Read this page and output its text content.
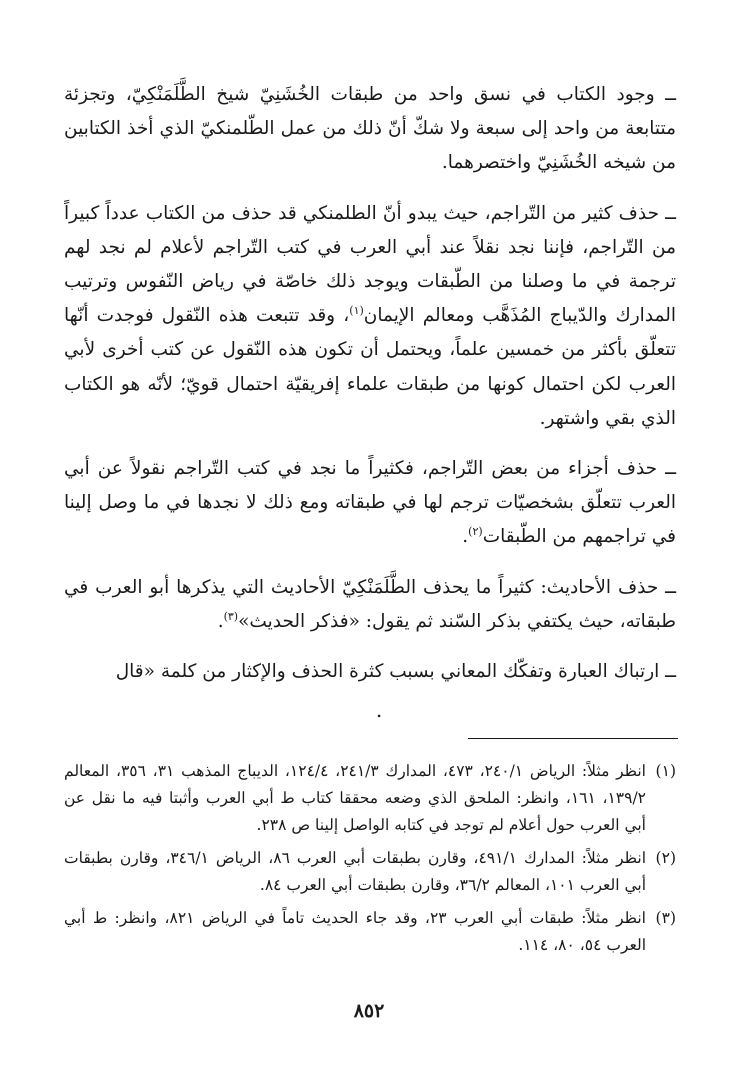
ــ وجود الكتاب في نسق واحد من طبقات الخُشَنِيّ شيخ الطَّلَمَنْكِيّ، وتجزئة متتابعة من واحد إلى سبعة ولا شكّ أنّ ذلك من عمل الطّلمنكيّ الذي أخذ الكتابين من شيخه الخُشَنِيّ واختصرهما.

ــ حذف كثير من التّراجم، حيث يبدو أنّ الطلمنكي قد حذف من الكتاب عدداً كبيراً من التّراجم، فإننا نجد نقلاً عند أبي العرب في كتب التّراجم لأعلام لم نجد لهم ترجمة في ما وصلنا من الطّبقات ويوجد ذلك خاصّة في رياض النّفوس وترتيب المدارك والدّيباج المُذَهَّب ومعالم الإيمان$^{(١)}$، وقد تتبعت هذه النّقول فوجدت أنّها تتعلّق بأكثر من خمسين علماً، ويحتمل أن تكون هذه النّقول عن كتب أخرى لأبي العرب لكن احتمال كونها من طبقات علماء إفريقيّة احتمال قويّ؛ لأنّه هو الكتاب الذي بقي واشتهر.

ــ حذف أجزاء من بعض التّراجم، فكثيراً ما نجد في كتب التّراجم نقولاً عن أبي العرب تتعلّق بشخصيّات ترجم لها في طبقاته ومع ذلك لا نجدها في ما وصل إلينا في تراجمهم من الطّبقات$^{(٢)}$.

ــ حذف الأحاديث: كثيراً ما يحذف الطَّلَمَنْكِيّ الأحاديث التي يذكرها أبو العرب في طبقاته، حيث يكتفي بذكر السّند ثم يقول: «فذكر الحديث»$^{(٣)}$.

ــ ارتباك العبارة وتفكّك المعاني بسبب كثرة الحذف والإكثار من كلمة «قال

.
(١)
انظر مثلاً: الرياض ٢٤٠/١، ٤٧٣، المدارك ٢٤١/٣، ١٢٤/٤، الديباج المذهب ٣١، ٣٥٦، المعالم ١٣٩/٢، ١٦١، وانظر: الملحق الذي وضعه محققا كتاب ط أبي العرب وأثبتا فيه ما نقل عن أبي العرب حول أعلام لم توجد في كتابه الواصل إلينا ص ٢٣٨.
(٢)
انظر مثلاً: المدارك ٤٩١/١، وقارن بطبقات أبي العرب ٨٦، الرياض ٣٤٦/١، وقارن بطبقات أبي العرب ١٠١، المعالم ٣٦/٢، وقارن بطبقات أبي العرب ٨٤.
(٣)
انظر مثلاً: طبقات أبي العرب ٢٣، وقد جاء الحديث تاماً في الرياض ٨٢١، وانظر: ط أبي العرب ٥٤، ٨٠، ١١٤.
٨٥٢
